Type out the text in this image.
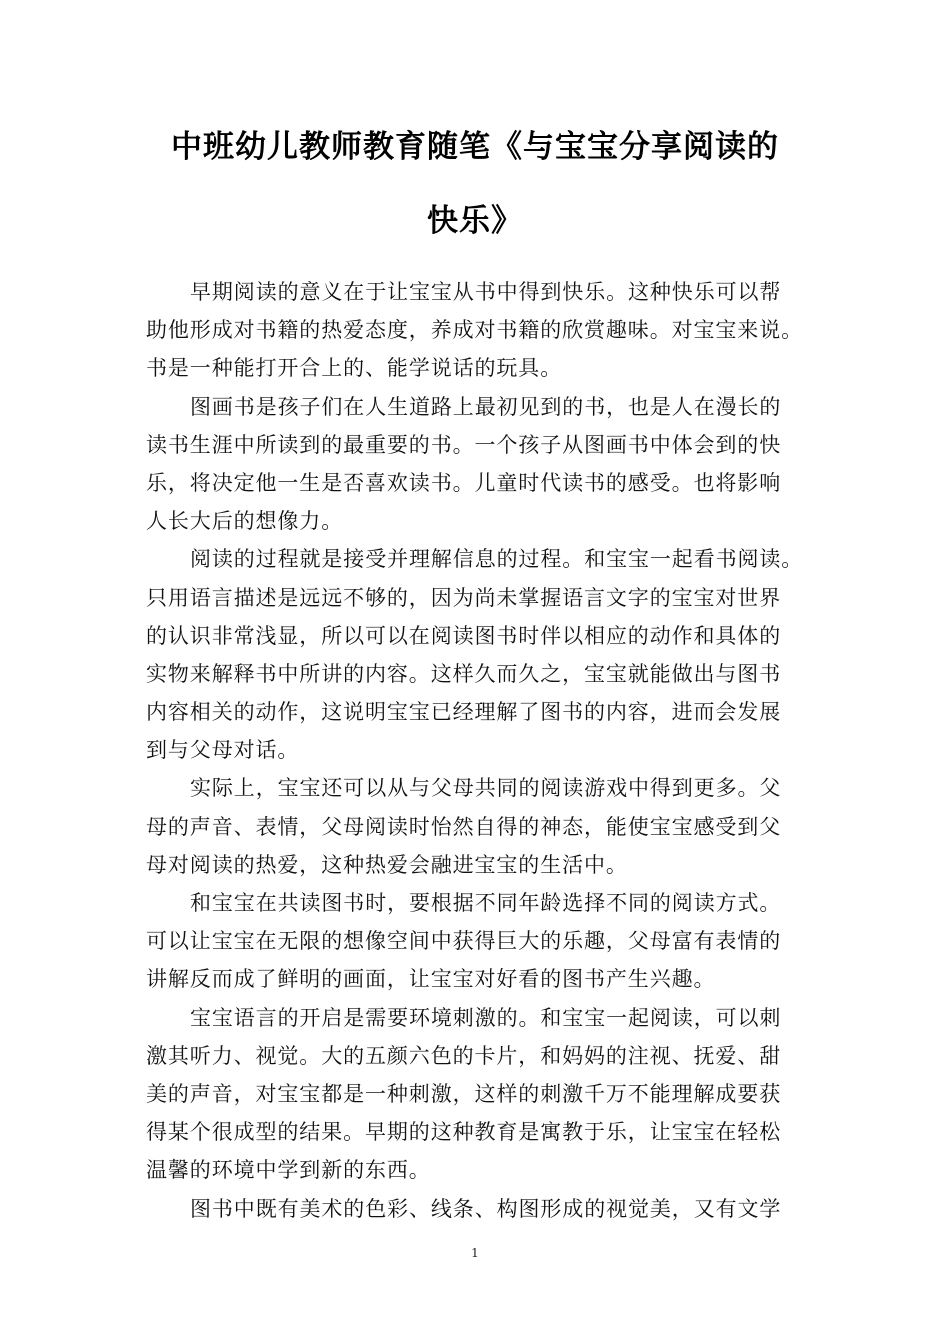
中班幼儿教师教育随笔《与宝宝分享阅读的
快乐》
早期阅读的意义在于让宝宝从书中得到快乐。这种快乐可以帮
助他形成对书籍的热爱态度，养成对书籍的欣赏趣味。对宝宝来说。
书是一种能打开合上的、能学说话的玩具。
图画书是孩子们在人生道路上最初见到的书，也是人在漫长的
读书生涯中所读到的最重要的书。一个孩子从图画书中体会到的快
乐，将决定他一生是否喜欢读书。儿童时代读书的感受。也将影响
人长大后的想像力。
阅读的过程就是接受并理解信息的过程。和宝宝一起看书阅读。
只用语言描述是远远不够的，因为尚未掌握语言文字的宝宝对世界
的认识非常浅显，所以可以在阅读图书时伴以相应的动作和具体的
实物来解释书中所讲的内容。这样久而久之，宝宝就能做出与图书
内容相关的动作，这说明宝宝已经理解了图书的内容，进而会发展
到与父母对话。
实际上，宝宝还可以从与父母共同的阅读游戏中得到更多。父
母的声音、表情，父母阅读时怡然自得的神态，能使宝宝感受到父
母对阅读的热爱，这种热爱会融进宝宝的生活中。
和宝宝在共读图书时，要根据不同年龄选择不同的阅读方式。
可以让宝宝在无限的想像空间中获得巨大的乐趣，父母富有表情的
讲解反而成了鲜明的画面，让宝宝对好看的图书产生兴趣。
宝宝语言的开启是需要环境刺激的。和宝宝一起阅读，可以刺
激其听力、视觉。大的五颜六色的卡片，和妈妈的注视、抚爱、甜
美的声音，对宝宝都是一种刺激，这样的刺激千万不能理解成要获
得某个很成型的结果。早期的这种教育是寓教于乐，让宝宝在轻松
温馨的环境中学到新的东西。
图书中既有美术的色彩、线条、构图形成的视觉美，又有文学
1
